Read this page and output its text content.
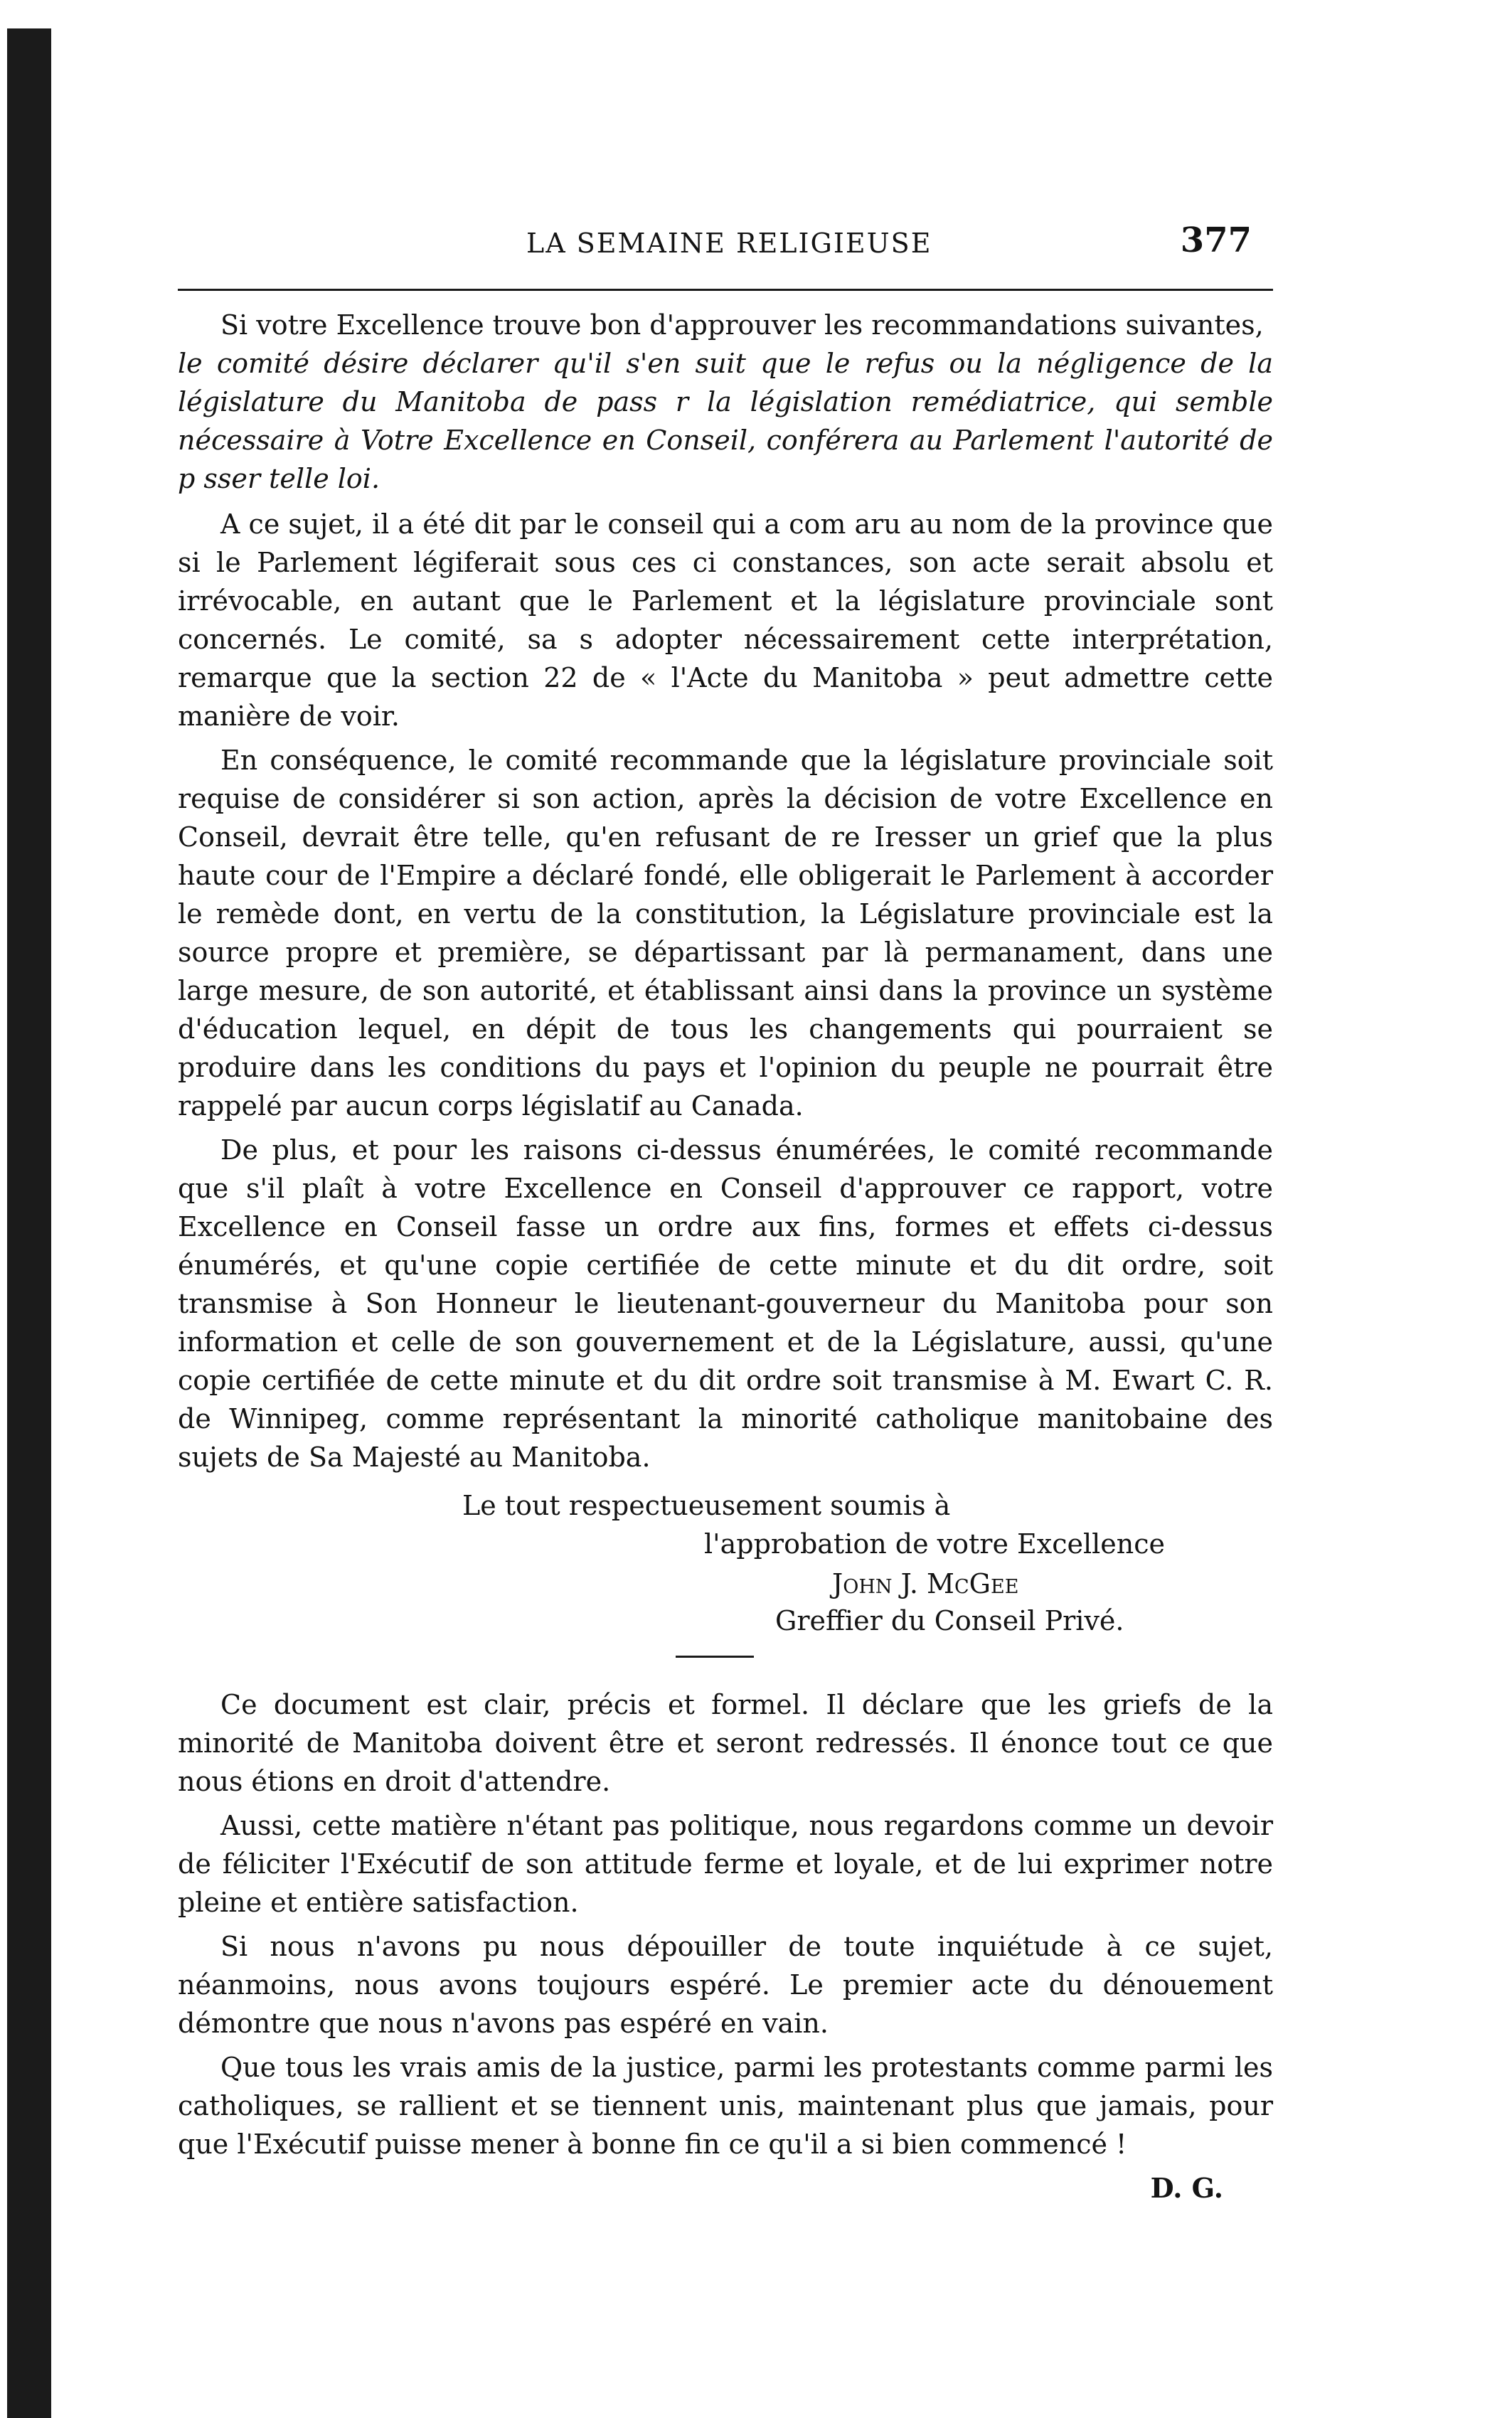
LA SEMAINE RELIGIEUSE	377

Si votre Excellence trouve bon d'approuver les recommandations suivantes,

le comité désire déclarer qu'il s'en suit que le refus ou la négligence de la législature du Manitoba de pass r la législation remédiatrice, qui semble nécessaire à Votre Excellence en Conseil, conférera au Parlement l'autorité de p sser telle loi.

A ce sujet, il a été dit par le conseil qui a com aru au nom de la province que si le Parlement légiferait sous ces ci constances, son acte serait absolu et irrévocable, en autant que le Parlement et la législature provinciale sont concernés. Le comité, sa s adopter nécessairement cette interprétation, remarque que la section 22 de « l'Acte du Manitoba » peut admettre cette manière de voir.

En conséquence, le comité recommande que la législature provinciale soit requise de considérer si son action, après la décision de votre Excellence en Conseil, devrait être telle, qu'en refusant de re Iresser un grief que la plus haute cour de l'Empire a déclaré fondé, elle obligerait le Parlement à accorder le remède dont, en vertu de la constitution, la Législature provinciale est la source propre et première, se départissant par là permanament, dans une large mesure, de son autorité, et établissant ainsi dans la province un système d'éducation lequel, en dépit de tous les changements qui pourraient se produire dans les conditions du pays et l'opinion du peuple ne pourrait être rappelé par aucun corps législatif au Canada.

De plus, et pour les raisons ci-dessus énumérées, le comité recommande que s'il plaît à votre Excellence en Conseil d'approuver ce rapport, votre Excellence en Conseil fasse un ordre aux fins, formes et effets ci-dessus énumérés, et qu'une copie certifiée de cette minute et du dit ordre, soit transmise à Son Honneur le lieutenant-gouverneur du Manitoba pour son information et celle de son gouvernement et de la Législature, aussi, qu'une copie certifiée de cette minute et du dit ordre soit transmise à M. Ewart C. R. de Winnipeg, comme représentant la minorité catholique manitobaine des sujets de Sa Majesté au Manitoba.

Le tout respectueusement soumis à
l'approbation de votre Excellence
John J. McGee
Greffier du Conseil Privé.

Ce document est clair, précis et formel. Il déclare que les griefs de la minorité de Manitoba doivent être et seront redressés. Il énonce tout ce que nous étions en droit d'attendre.

Aussi, cette matière n'étant pas politique, nous regardons comme un devoir de féliciter l'Exécutif de son attitude ferme et loyale, et de lui exprimer notre pleine et entière satisfaction.

Si nous n'avons pu nous dépouiller de toute inquiétude à ce sujet, néanmoins, nous avons toujours espéré. Le premier acte du dénouement démontre que nous n'avons pas espéré en vain.

Que tous les vrais amis de la justice, parmi les protestants comme parmi les catholiques, se rallient et se tiennent unis, maintenant plus que jamais, pour que l'Exécutif puisse mener à bonne fin ce qu'il a si bien commencé !

D. G.
